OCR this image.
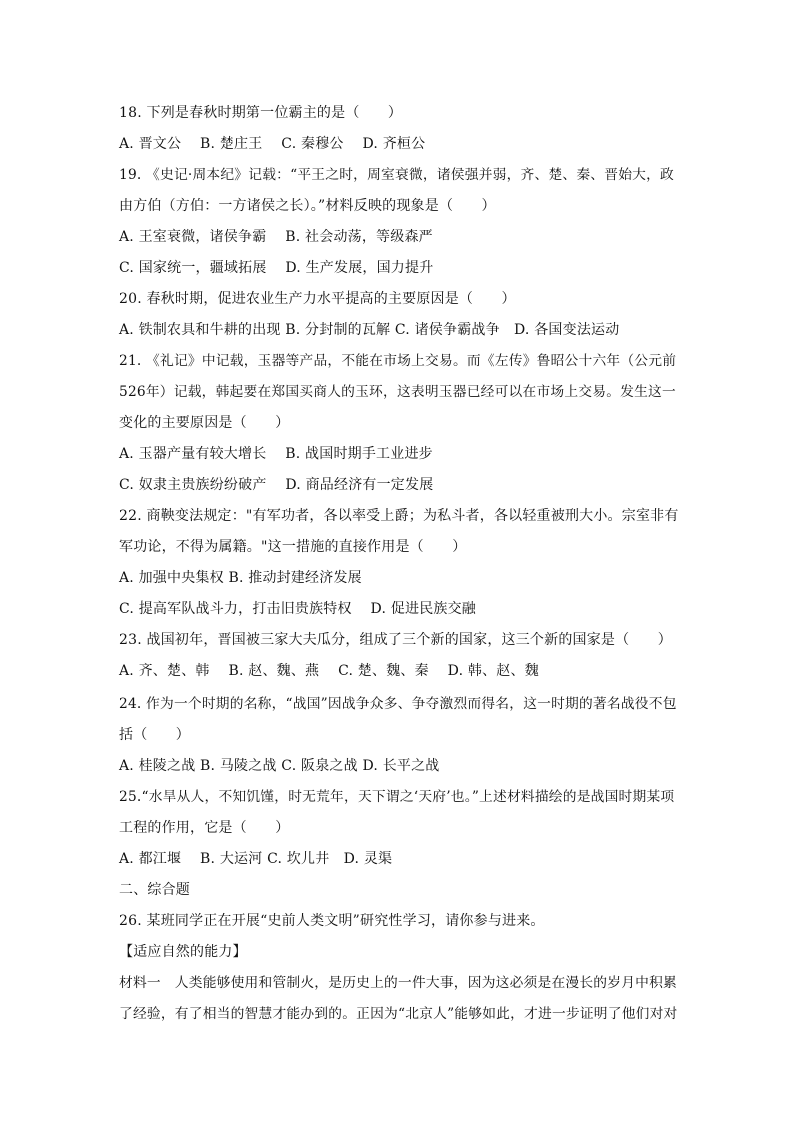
18. 下列是春秋时期第一位霸主的是（　　）
A. 晋文公　 B. 楚庄王　 C. 秦穆公　 D. 齐桓公
19. 《史记·周本纪》记载：“平王之时，周室衰微，诸侯强并弱，齐、楚、秦、晋始大，政
由方伯（方伯：一方诸侯之长）。”材料反映的现象是（　　）
A. 王室衰微，诸侯争霸　 B. 社会动荡，等级森严
C. 国家统一，疆域拓展　 D. 生产发展，国力提升
20. 春秋时期，促进农业生产力水平提高的主要原因是（　　）
A. 铁制农具和牛耕的出现 B. 分封制的瓦解 C. 诸侯争霸战争　D. 各国变法运动
21. 《礼记》中记载，玉器等产品，不能在市场上交易。而《左传》鲁昭公十六年（公元前
526年）记载，韩起要在郑国买商人的玉环，这表明玉器已经可以在市场上交易。发生这一
变化的主要原因是（　　）
A. 玉器产量有较大增长　 B. 战国时期手工业进步
C. 奴隶主贵族纷纷破产　 D. 商品经济有一定发展
22. 商鞅变法规定："有军功者，各以率受上爵；为私斗者，各以轻重被刑大小。宗室非有
军功论，不得为属籍。"这一措施的直接作用是（　　）
A. 加强中央集权 B. 推动封建经济发展
C. 提高军队战斗力，打击旧贵族特权　 D. 促进民族交融
23. 战国初年，晋国被三家大夫瓜分，组成了三个新的国家，这三个新的国家是（　　）
A. 齐、楚、韩　 B. 赵、魏、燕　 C. 楚、魏、秦　 D. 韩、赵、魏
24. 作为一个时期的名称，“战国”因战争众多、争夺激烈而得名，这一时期的著名战役不包
括（　　）
A. 桂陵之战 B. 马陵之战 C. 阪泉之战 D. 长平之战
25.“水旱从人，不知饥馑，时无荒年，天下谓之‘天府’也。”上述材料描绘的是战国时期某项
工程的作用，它是（　　）
A. 都江堰　 B. 大运河 C. 坎儿井　D. 灵渠
二、综合题
26. 某班同学正在开展“史前人类文明”研究性学习，请你参与进来。
【适应自然的能力】
材料一　人类能够使用和管制火，是历史上的一件大事，因为这必须是在漫长的岁月中积累
了经验，有了相当的智慧才能办到的。正因为“北京人”能够如此，才进一步证明了他们对对
